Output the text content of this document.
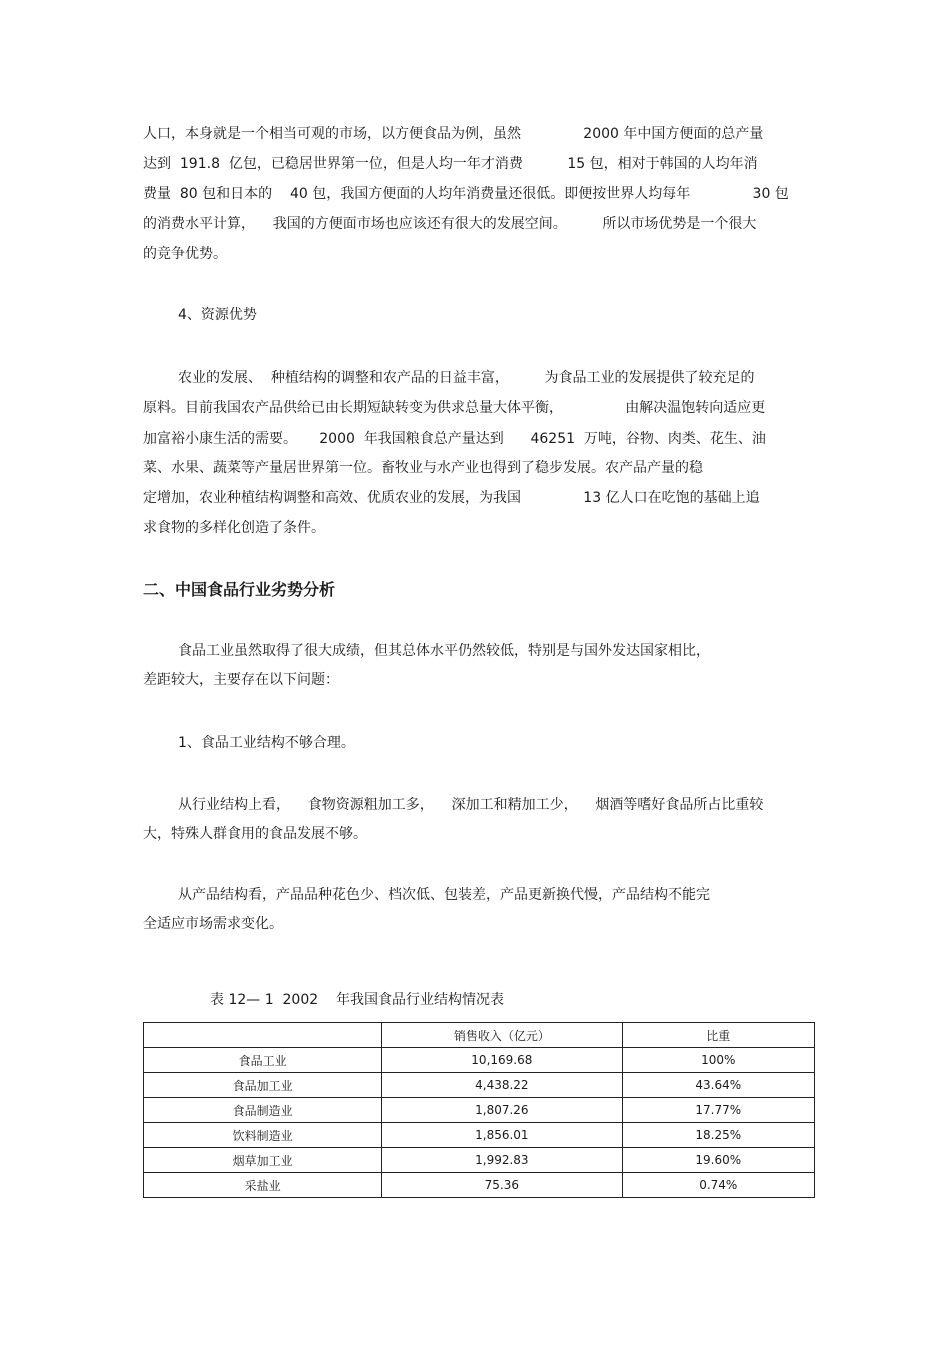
人口，本身就是一个相当可观的市场，以方便食品为例，虽然              2000 年中国方便面的总产量

达到  191.8  亿包，已稳居世界第一位，但是人均一年才消费          15 包，相对于韩国的人均年消

费量  80 包和日本的    40 包，我国方便面的人均年消费量还很低。即便按世界人均每年              30 包

的消费水平计算，    我国的方便面市场也应该还有很大的发展空间。        所以市场优势是一个很大

的竞争优势。

4、资源优势

农业的发展、  种植结构的调整和农产品的日益丰富，        为食品工业的发展提供了较充足的

原料。目前我国农产品供给已由长期短缺转变为供求总量大体平衡，              由解决温饱转向适应更

加富裕小康生活的需要。     2000  年我国粮食总产量达到      46251  万吨，谷物、肉类、花生、油

菜、水果、蔬菜等产量居世界第一位。畜牧业与水产业也得到了稳步发展。农产品产量的稳

定增加，农业种植结构调整和高效、优质农业的发展，为我国              13 亿人口在吃饱的基础上追

求食物的多样化创造了条件。

二、中国食品行业劣势分析

食品工业虽然取得了很大成绩，但其总体水平仍然较低，特别是与国外发达国家相比，

差距较大，主要存在以下问题：

1、食品工业结构不够合理。

从行业结构上看，    食物资源粗加工多，    深加工和精加工少，    烟酒等嗜好食品所占比重较

大，特殊人群食用的食品发展不够。

从产品结构看，产品品种花色少、档次低、包装差，产品更新换代慢，产品结构不能完

全适应市场需求变化。

表 12— 1  2002    年我国食品行业结构情况表

	销售收入（亿元）	比重
食品工业	10,169.68	100%
食品加工业	4,438.22	43.64%
食品制造业	1,807.26	17.77%
饮料制造业	1,856.01	18.25%
烟草加工业	1,992.83	19.60%
采盐业	75.36	0.74%
